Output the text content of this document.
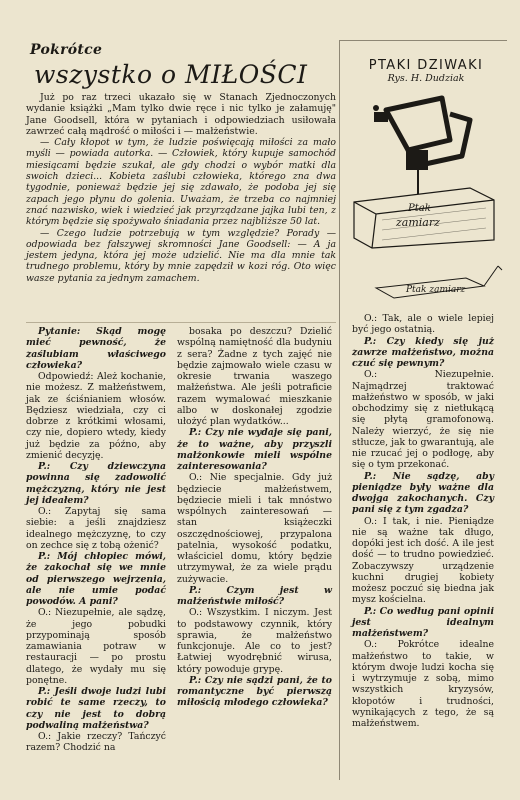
Pokrótce
wszystko o MIŁOŚCI

Już po raz trzeci ukazało się w Stanach Zjednoczonych wydanie książki „Mam tylko dwie ręce i nic tylko je załamuję" Jane Goodsell, która w pytaniach i odpowiedziach usiłowała zawrzeć całą mądrość o miłości i — małżeństwie.

— Cały kłopot w tym, że ludzie poświęcają miłości za mało myśli — powiada autorka. — Człowiek, który kupuje samochód miesiącami będzie szukał, ale gdy chodzi o wybór matki dla swoich dzieci... Kobieta zaślubi człowieka, którego zna dwa tygodnie, ponieważ będzie jej się zdawało, że podoba jej się zapach jego płynu do golenia. Uważam, że trzeba co najmniej znać nazwisko, wiek i wiedzieć jak przyrządzane jajka lubi ten, z którym będzie się spożywało śniadania przez najbliższe 50 lat.

— Czego ludzie potrzebują w tym względzie? Porady — odpowiada bez fałszywej skromności Jane Goodsell: — A ja jestem jedyna, która jej może udzielić. Nie ma dla mnie tak trudnego problemu, który by mnie zapędził w kozi róg. Oto więc wasze pytania za jednym zamachem.

Pytanie: Skąd mogę mieć pewność, że zaślubiam właściwego człowieka?

Odpowiedź: Ależ kochanie, nie możesz. Z małżeństwem, jak ze ściśnianiem włosów. Będziesz wiedziała, czy ci dobrze z krótkimi włosami, czy nie, dopiero wtedy, kiedy już będzie za późno, aby zmienić decyzję.

P.: Czy dziewczyna powinna się zadowolić mężczyzną, który nie jest jej ideałem?

O.: Zapytaj się sama siebie: a jeśli znajdziesz idealnego mężczyznę, to czy on zechce się z tobą ożenić?

P.: Mój chłopiec mówi, że zakochał się we mnie od pierwszego wejrzenia, ale nie umie podać powodów. A pani?

O.: Niezupełnie, ale sądzę, że jego pobudki przypominają sposób zamawiania potraw w restauracji — po prostu dlatego, że wydały mu się ponętne.

P.: Jeśli dwoje ludzi lubi robić te same rzeczy, to czy nie jest to dobrą podwaliną małżeństwa?

O.: Jakie rzeczy? Tańczyć razem? Chodzić na

bosaka po deszczu? Dzielić wspólną namiętność dla budyniu z sera? Żadne z tych zajęć nie będzie zajmowało wiele czasu w okresie trwania waszego małżeństwa. Ale jeśli potraficie razem wymalować mieszkanie albo w doskonałej zgodzie ułożyć plan wydatków...

P.: Czy nie wydaje się pani, że to ważne, aby przyszli małżonkowie mieli wspólne zainteresowania?

O.: Nie specjalnie. Gdy już będziecie małżeństwem, będziecie mieli i tak mnóstwo wspólnych zainteresowań — stan książeczki oszczędnościowej, przypalona patelnia, wysokość podatku, właściciel domu, który będzie utrzymywał, że za wiele prądu zużywacie.

P.: Czym jest w małżeństwie miłość?

O.: Wszystkim. I niczym. Jest to podstawowy czynnik, który sprawia, że małżeństwo funkcjonuje. Ale co to jest? Łatwiej wyodrębnić wirusa, który powoduje grypę.

P.: Czy nie sądzi pani, że to romantyczne być pierwszą miłością młodego człowieka?

PTAKI DZIWAKI
Rys. H. Dudziak
Ptak
zamiarz
Ptak zamiarz

O.: Tak, ale o wiele lepiej być jego ostatnią.

P.: Czy kiedy się już zawrze małżeństwo, można czuć się pewnym?

O.: Niezupełnie. Najmądrzej traktować małżeństwo w sposób, w jaki obchodzimy się z nietłukącą się płytą gramofonową. Należy wierzyć, że się nie stłucze, jak to gwarantują, ale nie rzucać jej o podłogę, aby się o tym przekonać.

P.: Nie sądzę, aby pieniądze były ważne dla dwojga zakochanych. Czy pani się z tym zgadza?

O.: I tak, i nie. Pieniądze nie są ważne tak długo, dopóki jest ich dość. A ile jest dość — to trudno powiedzieć. Zobaczywszy urządzenie kuchni drugiej kobiety możesz poczuć się biedna jak mysz kościelna.

P.: Co według pani opinii jest idealnym małżeństwem?

O.: Pokrótce idealne małżeństwo to takie, w którym dwoje ludzi kocha się i wytrzymuje z sobą, mimo wszystkich kryzysów, kłopotów i trudności, wynikających z tego, że są małżeństwem.
